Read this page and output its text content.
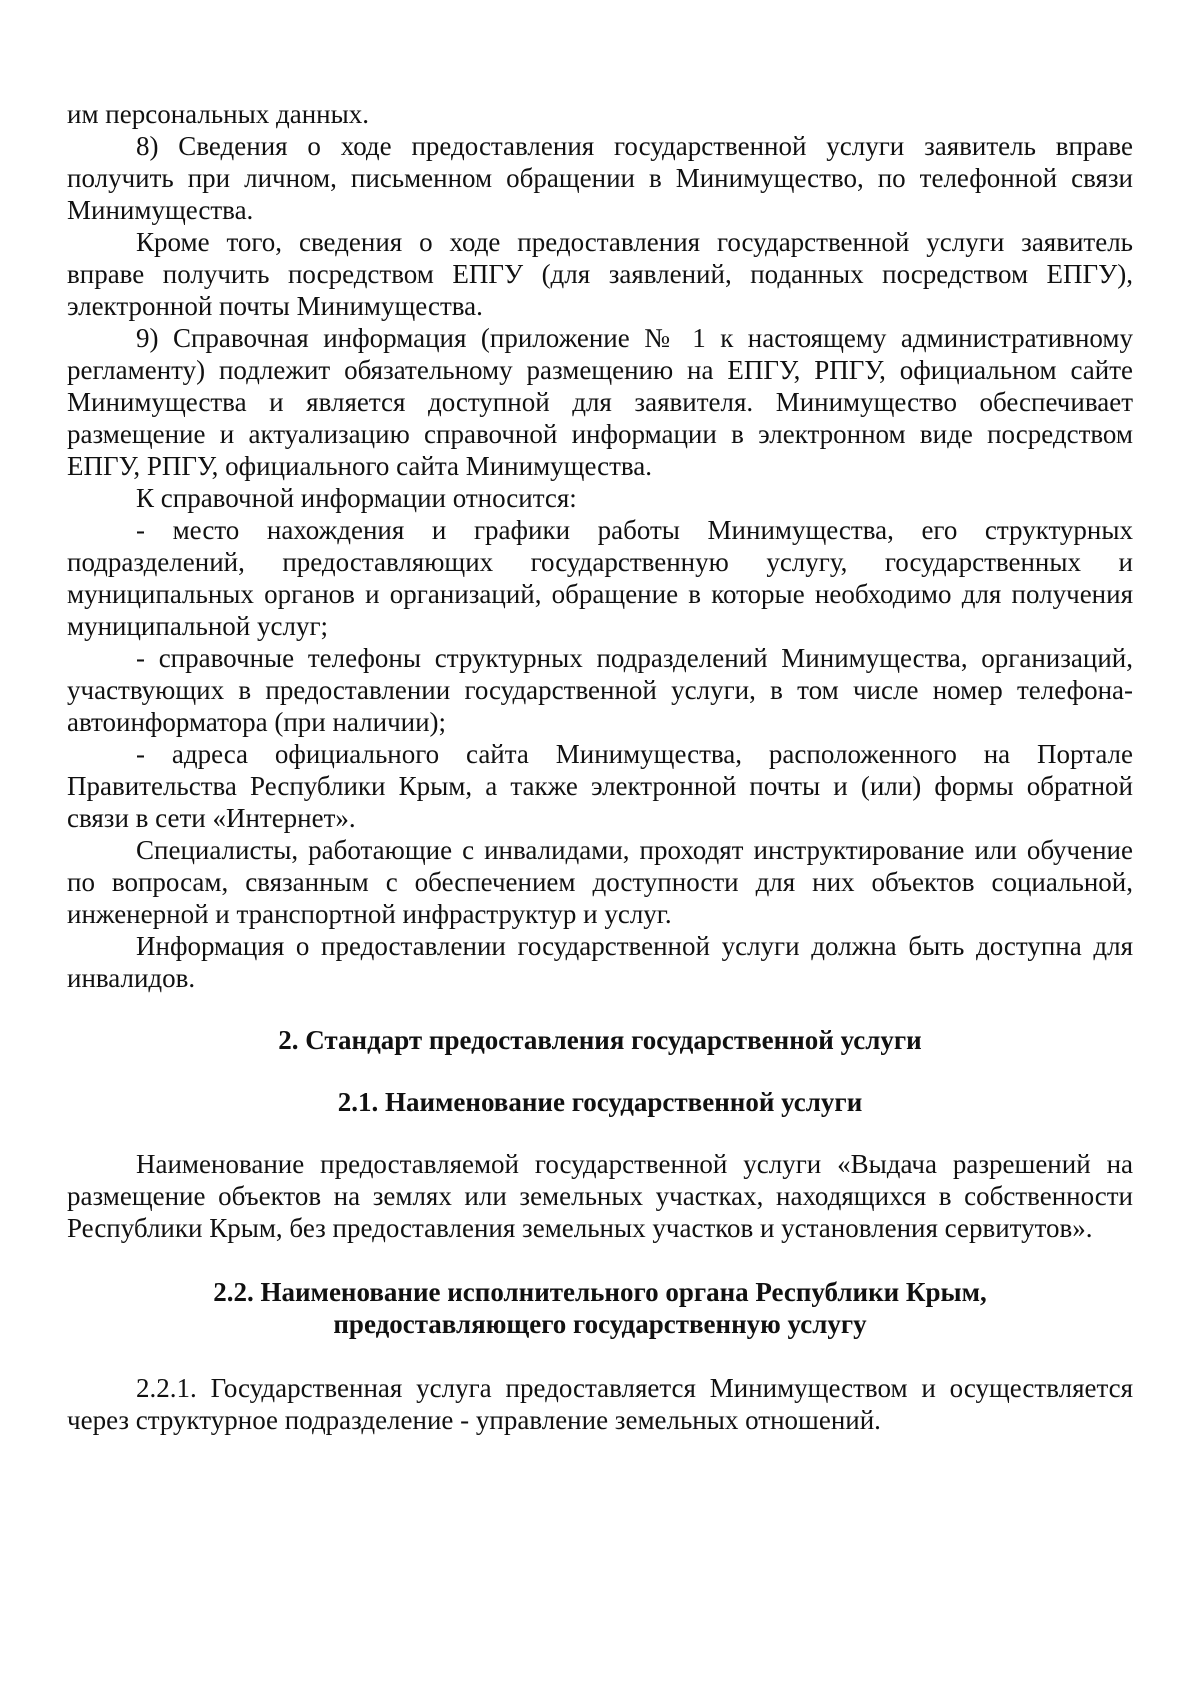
им персональных данных.

8) Сведения о ходе предоставления государственной услуги заявитель вправе получить при личном, письменном обращении в Минимущество, по телефонной связи Минимущества.

Кроме того, сведения о ходе предоставления государственной услуги заявитель вправе получить посредством ЕПГУ (для заявлений, поданных посредством ЕПГУ), электронной почты Минимущества.

9) Справочная информация (приложение № 1 к настоящему административному регламенту) подлежит обязательному размещению на ЕПГУ, РПГУ, официальном сайте Минимущества и является доступной для заявителя. Минимущество обеспечивает размещение и актуализацию справочной информации в электронном виде посредством ЕПГУ, РПГУ, официального сайта Минимущества.

К справочной информации относится:

- место нахождения и графики работы Минимущества, его структурных подразделений, предоставляющих государственную услугу, государственных и муниципальных органов и организаций, обращение в которые необходимо для получения муниципальной услуг;

- справочные телефоны структурных подразделений Минимущества, организаций, участвующих в предоставлении государственной услуги, в том числе номер телефона-автоинформатора (при наличии);

- адреса официального сайта Минимущества, расположенного на Портале Правительства Республики Крым, а также электронной почты и (или) формы обратной связи в сети «Интернет».

Специалисты, работающие с инвалидами, проходят инструктирование или обучение по вопросам, связанным с обеспечением доступности для них объектов социальной, инженерной и транспортной инфраструктур и услуг.

Информация о предоставлении государственной услуги должна быть доступна для инвалидов.

2. Стандарт предоставления государственной услуги
2.1. Наименование государственной услуги

Наименование предоставляемой государственной услуги «Выдача разрешений на размещение объектов на землях или земельных участках, находящихся в собственности Республики Крым, без предоставления земельных участков и установления сервитутов».

2.2. Наименование исполнительного органа Республики Крым,
предоставляющего государственную услугу

2.2.1. Государственная услуга предоставляется Минимуществом и осуществляется через структурное подразделение - управление земельных отношений.
